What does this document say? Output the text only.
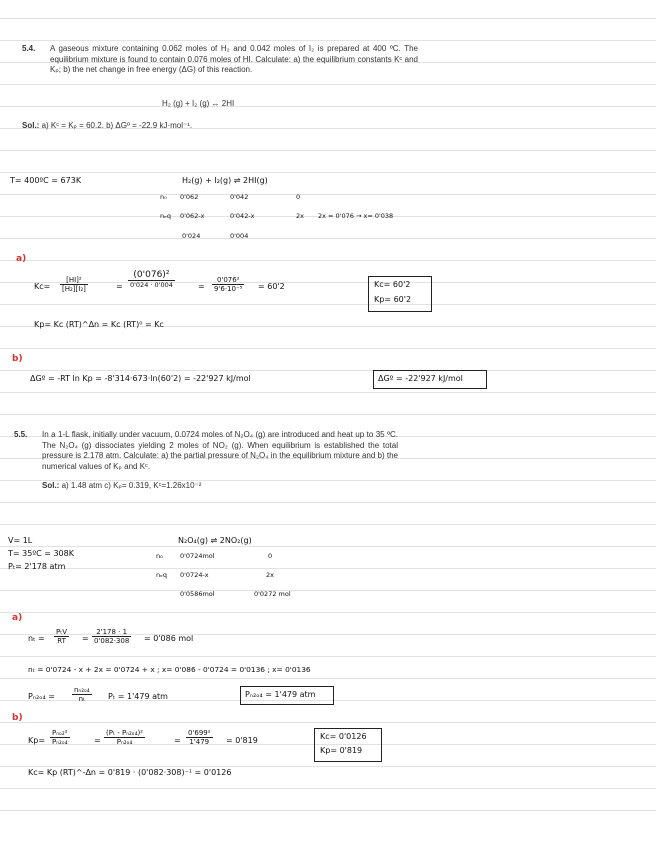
5.4. A gaseous mixture containing 0.062 moles of H₂ and 0.042 moles of I₂ is prepared at 400 ºC. The equilibrium mixture is found to contain 0.076 moles of HI. Calculate: a) the equilibrium constants Kᶜ and Kₚ; b) the net change in free energy (ΔG) of this reaction.
H₂ (g) + I₂ (g) ↔ 2HI
Sol.: a) Kᶜ = Kₚ = 60.2. b) ΔGº = -22.9 kJ·mol⁻¹.
T= 400ºC = 673K	H₂(g) + I₂(g) ⇌ 2HI(g)
n₀ 0'062	0'042	0
nₑq 0'062-x	0'042-x	2x 2x = 0'076 → x= 0'038
0'024	0'004
a)
$Kc= \frac{\text{[HI]²}}{\text{[H₂][I₂]}}$	=
(0'076)²
0'024 · 0'004	= $\frac{\text{0'076²}}{\text{9'6·10⁻⁵}} = 60'2$	Kc= 60'2
Kp= 60'2
Kp= Kc (RT)^Δn = Kc (RT)⁰ = Kc
b)
ΔGº = -RT ln Kp = -8'314·673·ln(60'2) = -22'927 kJ/mol	ΔGº = -22'927 kJ/mol
5.5. In a 1-L flask, initially under vacuum, 0.0724 moles of N₂O₄ (g) are introduced and heat up to 35 ºC. The N₂O₄ (g) dissociates yielding 2 moles of NO₂ (g). When equilibrium is established the total pressure is 2.178 atm. Calculate: a) the partial pressure of N₂O₄ in the equilibrium mixture and b) the numerical values of Kₚ and Kᶜ.
Sol.: a) 1.48 atm c) Kₚ= 0.319, Kᶜ=1.26x10⁻²
V= 1L
T= 35ºC = 308K
Pₜ= 2'178 atm
N₂O₄(g) ⇌ 2NO₂(g)
n₀	0'0724mol	0
nₑq 0'0724-x	2x
0'0586mol	0'0272 mol
a)
nₜ =
PₜV
RT	= $\frac{2'178 \cdot 1}{0'082\cdot 308} = 0'086$ mol
nₜ = 0'0724 - x + 2x = 0'0724 + x ; x= 0'086 - 0'0724 = 0'0136 ; x= 0'0136
$P_{n2o4} = \frac{\text{nₙ₂ₒ₄}}{\text{nₜ}}$ Pₜ = 1'479 atm	Pₙ₂ₒ₄ = 1'479 atm
b)
Kp=
Pₙₒ₂²
Pₙ₂ₒ₄	= $\frac{\text{(Pₜ - Pₙ₂ₒ₄)²}}{\text{Pₙ₂ₒ₄}}$	= $\frac{\text{0'699²}}{1'479} = 0'819$	Kc= 0'0126
Kp= 0'819
Kc= Kp (RT)^-Δn = 0'819 · (0'082·308)⁻¹ = 0'0126
